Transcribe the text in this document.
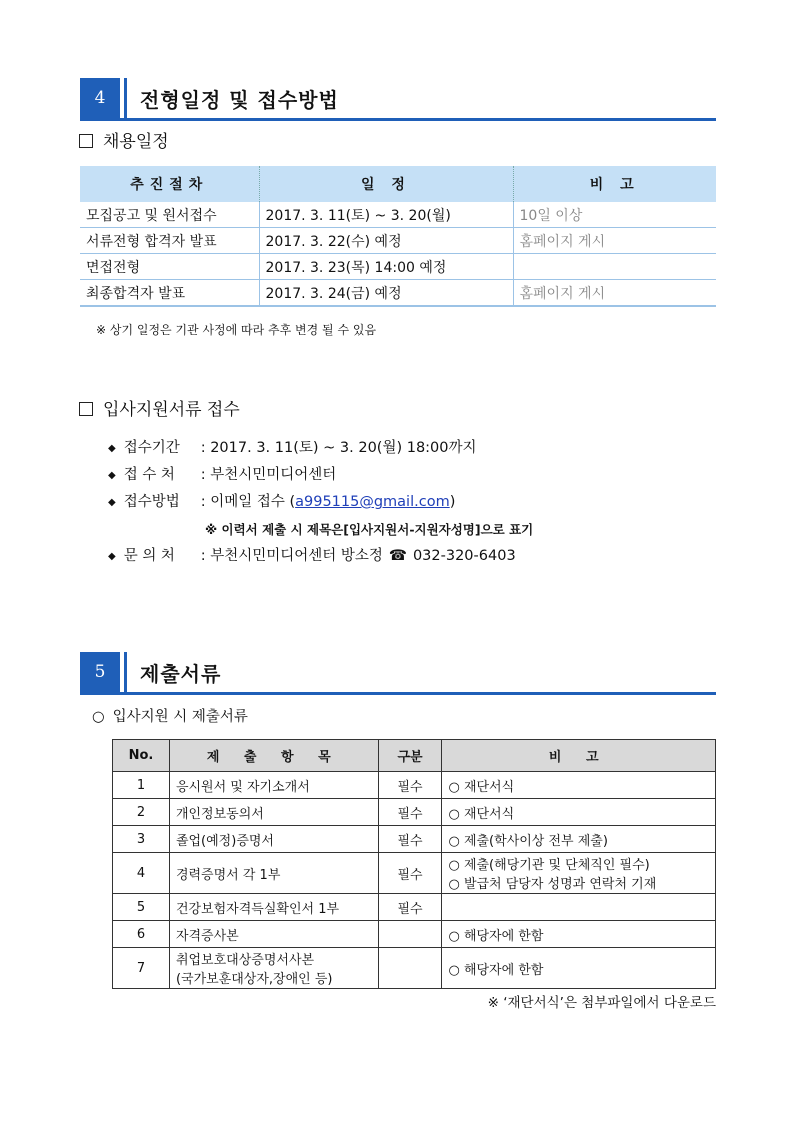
4	전형일정 및 접수방법
채용일정
추진절차	일 정	비 고
모집공고 및 원서접수	2017. 3. 11(토) ~ 3. 20(월)	10일 이상
서류전형 합격자 발표	2017. 3. 22(수) 예정	홈페이지 게시
면접전형	2017. 3. 23(목) 14:00 예정	
최종합격자 발표	2017. 3. 24(금) 예정	홈페이지 게시
※ 상기 일정은 기관 사정에 따라 추후 변경 될 수 있음
입사지원서류 접수
◆ 접수기간	: 2017. 3. 11(토) ~ 3. 20(월) 18:00까지
◆ 접 수 처	: 부천시민미디어센터
◆ 접수방법	: 이메일 접수 ( a995115@gmail.com )
※ 이력서 제출 시 제목은[입사지원서-지원자성명]으로 표기
◆ 문 의 처	: 부천시민미디어센터 방소정 ☎ 032-320-6403
5	제출서류
○ 입사지원 시 제출서류
No.	제 출 항 목	구분	비 고
1	응시원서 및 자기소개서	필수	○ 재단서식
2	개인정보동의서	필수	○ 재단서식
3	졸업(예정)증명서	필수	○ 제출(학사이상 전부 제출)
4	경력증명서 각 1부	필수	○ 제출(해당기관 및 단체직인 필수)
○ 발급처 담당자 성명과 연락처 기재

5	건강보험자격득실확인서 1부	필수	
6	자격증사본		○ 해당자에 한함
7	취업보호대상증명서사본
(국가보훈대상자,장애인 등)		○ 해당자에 한함
※ ‘재단서식’은 첨부파일에서 다운로드
